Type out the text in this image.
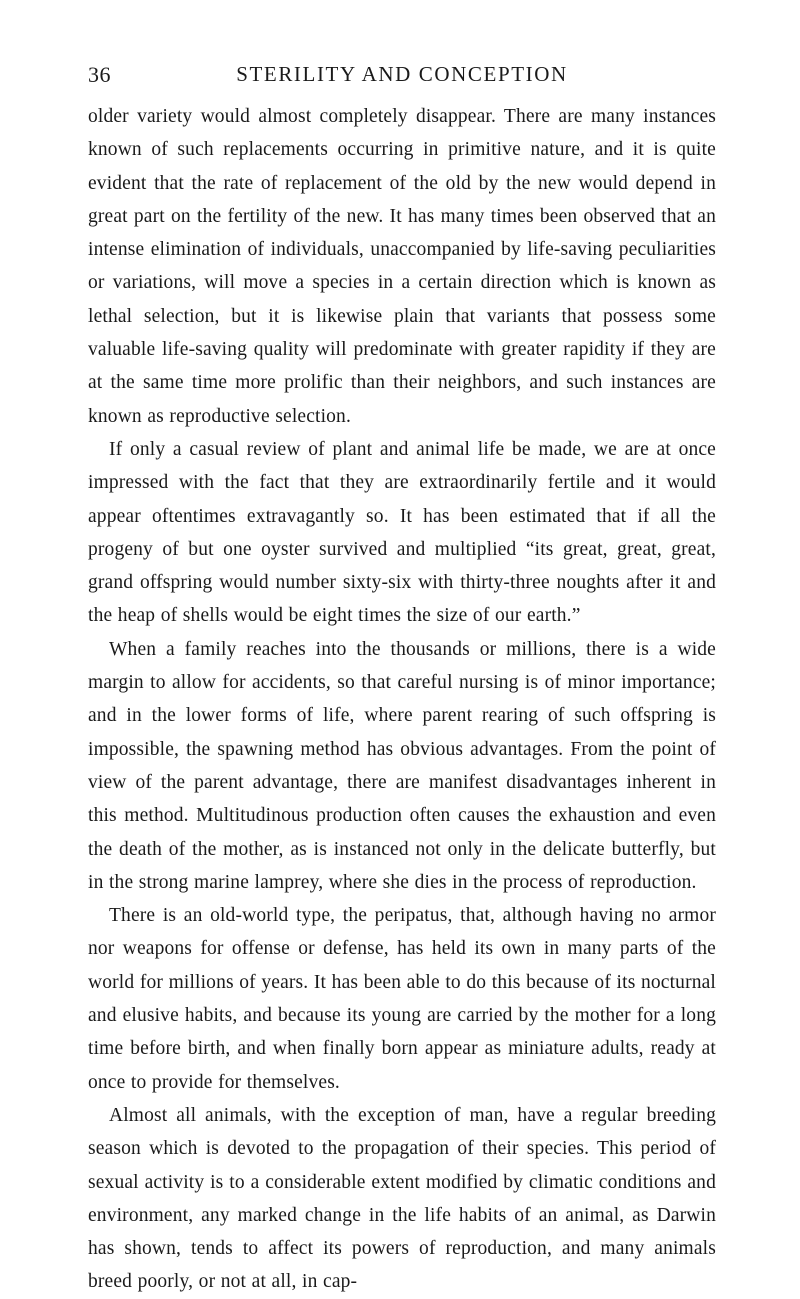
36	STERILITY AND CONCEPTION

older variety would almost completely disappear. There are many instances known of such replacements occurring in primitive nature, and it is quite evident that the rate of replacement of the old by the new would depend in great part on the fertility of the new. It has many times been observed that an intense elimination of individuals, unaccompanied by life-saving peculiarities or variations, will move a species in a certain direction which is known as lethal selection, but it is likewise plain that variants that possess some valuable life-saving quality will predominate with greater rapidity if they are at the same time more prolific than their neighbors, and such instances are known as reproductive selection.

If only a casual review of plant and animal life be made, we are at once impressed with the fact that they are extraordinarily fertile and it would appear oftentimes extravagantly so. It has been estimated that if all the progeny of but one oyster survived and multiplied “its great, great, great, grand offspring would number sixty-six with thirty-three noughts after it and the heap of shells would be eight times the size of our earth.”

When a family reaches into the thousands or millions, there is a wide margin to allow for accidents, so that careful nursing is of minor importance; and in the lower forms of life, where parent rearing of such offspring is impossible, the spawning method has obvious advantages. From the point of view of the parent advantage, there are manifest disadvantages inherent in this method. Multitudinous production often causes the exhaustion and even the death of the mother, as is instanced not only in the delicate butterfly, but in the strong marine lamprey, where she dies in the process of reproduction.

There is an old-world type, the peripatus, that, although having no armor nor weapons for offense or defense, has held its own in many parts of the world for millions of years. It has been able to do this because of its nocturnal and elusive habits, and because its young are carried by the mother for a long time before birth, and when finally born appear as miniature adults, ready at once to provide for themselves.

Almost all animals, with the exception of man, have a regular breeding season which is devoted to the propagation of their species. This period of sexual activity is to a considerable extent modified by climatic conditions and environment, any marked change in the life habits of an animal, as Darwin has shown, tends to affect its powers of reproduction, and many animals breed poorly, or not at all, in cap-
